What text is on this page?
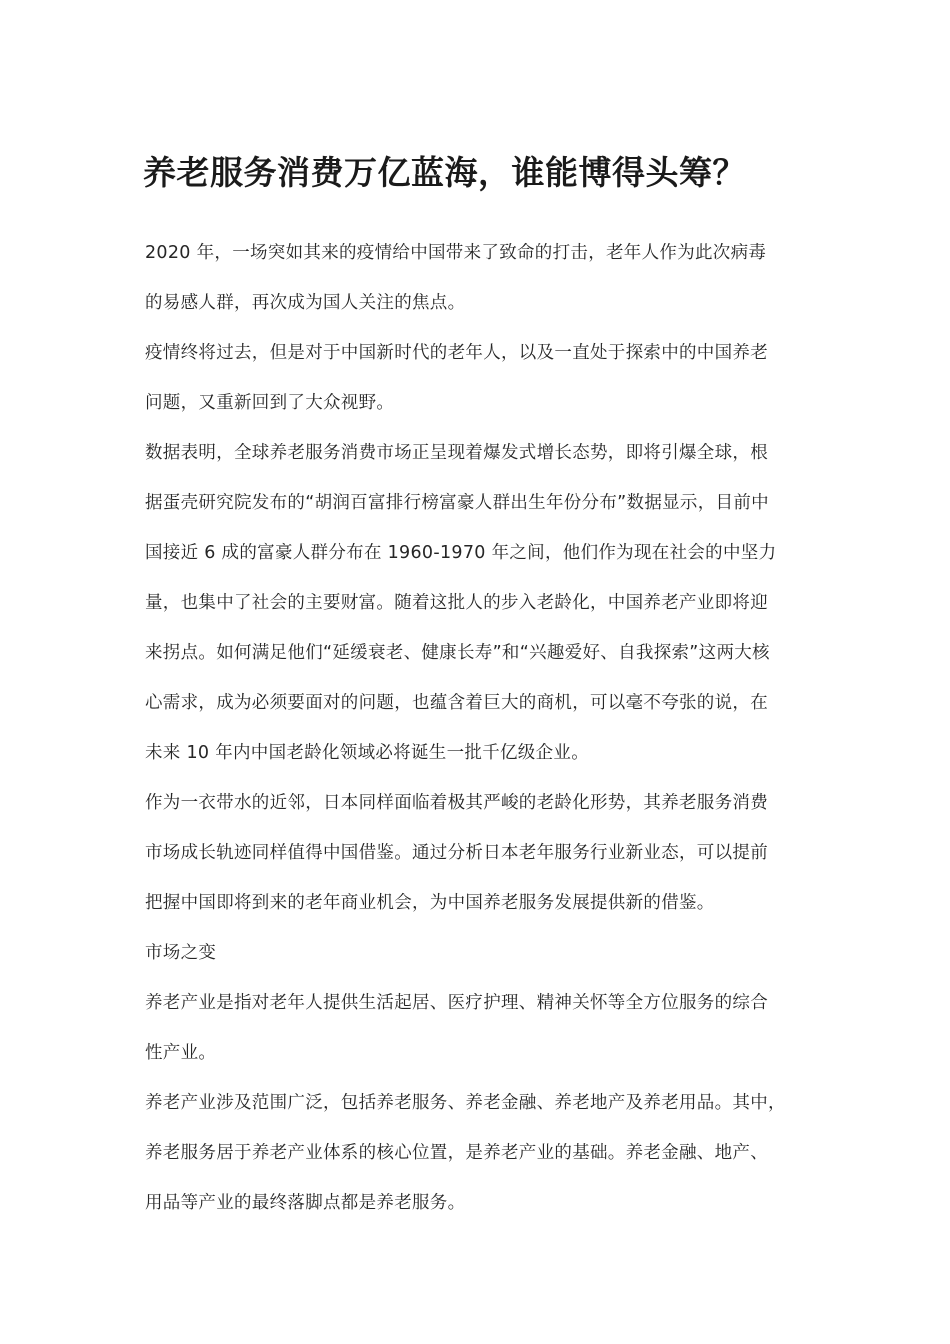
养老服务消费万亿蓝海，谁能博得头筹？

2020 年，一场突如其来的疫情给中国带来了致命的打击，老年人作为此次病毒
的易感人群，再次成为国人关注的焦点。

疫情终将过去，但是对于中国新时代的老年人，以及一直处于探索中的中国养老
问题，又重新回到了大众视野。

数据表明，全球养老服务消费市场正呈现着爆发式增长态势，即将引爆全球，根
据蛋壳研究院发布的“胡润百富排行榜富豪人群出生年份分布”数据显示，目前中
国接近 6 成的富豪人群分布在 1960-1970 年之间，他们作为现在社会的中坚力
量，也集中了社会的主要财富。随着这批人的步入老龄化，中国养老产业即将迎
来拐点。如何满足他们“延缓衰老、健康长寿”和“兴趣爱好、自我探索”这两大核
心需求，成为必须要面对的问题，也蕴含着巨大的商机，可以毫不夸张的说，在
未来 10 年内中国老龄化领域必将诞生一批千亿级企业。

作为一衣带水的近邻，日本同样面临着极其严峻的老龄化形势，其养老服务消费
市场成长轨迹同样值得中国借鉴。通过分析日本老年服务行业新业态，可以提前
把握中国即将到来的老年商业机会，为中国养老服务发展提供新的借鉴。

市场之变

养老产业是指对老年人提供生活起居、医疗护理、精神关怀等全方位服务的综合
性产业。

养老产业涉及范围广泛，包括养老服务、养老金融、养老地产及养老用品。其中，
养老服务居于养老产业体系的核心位置，是养老产业的基础。养老金融、地产、
用品等产业的最终落脚点都是养老服务。
